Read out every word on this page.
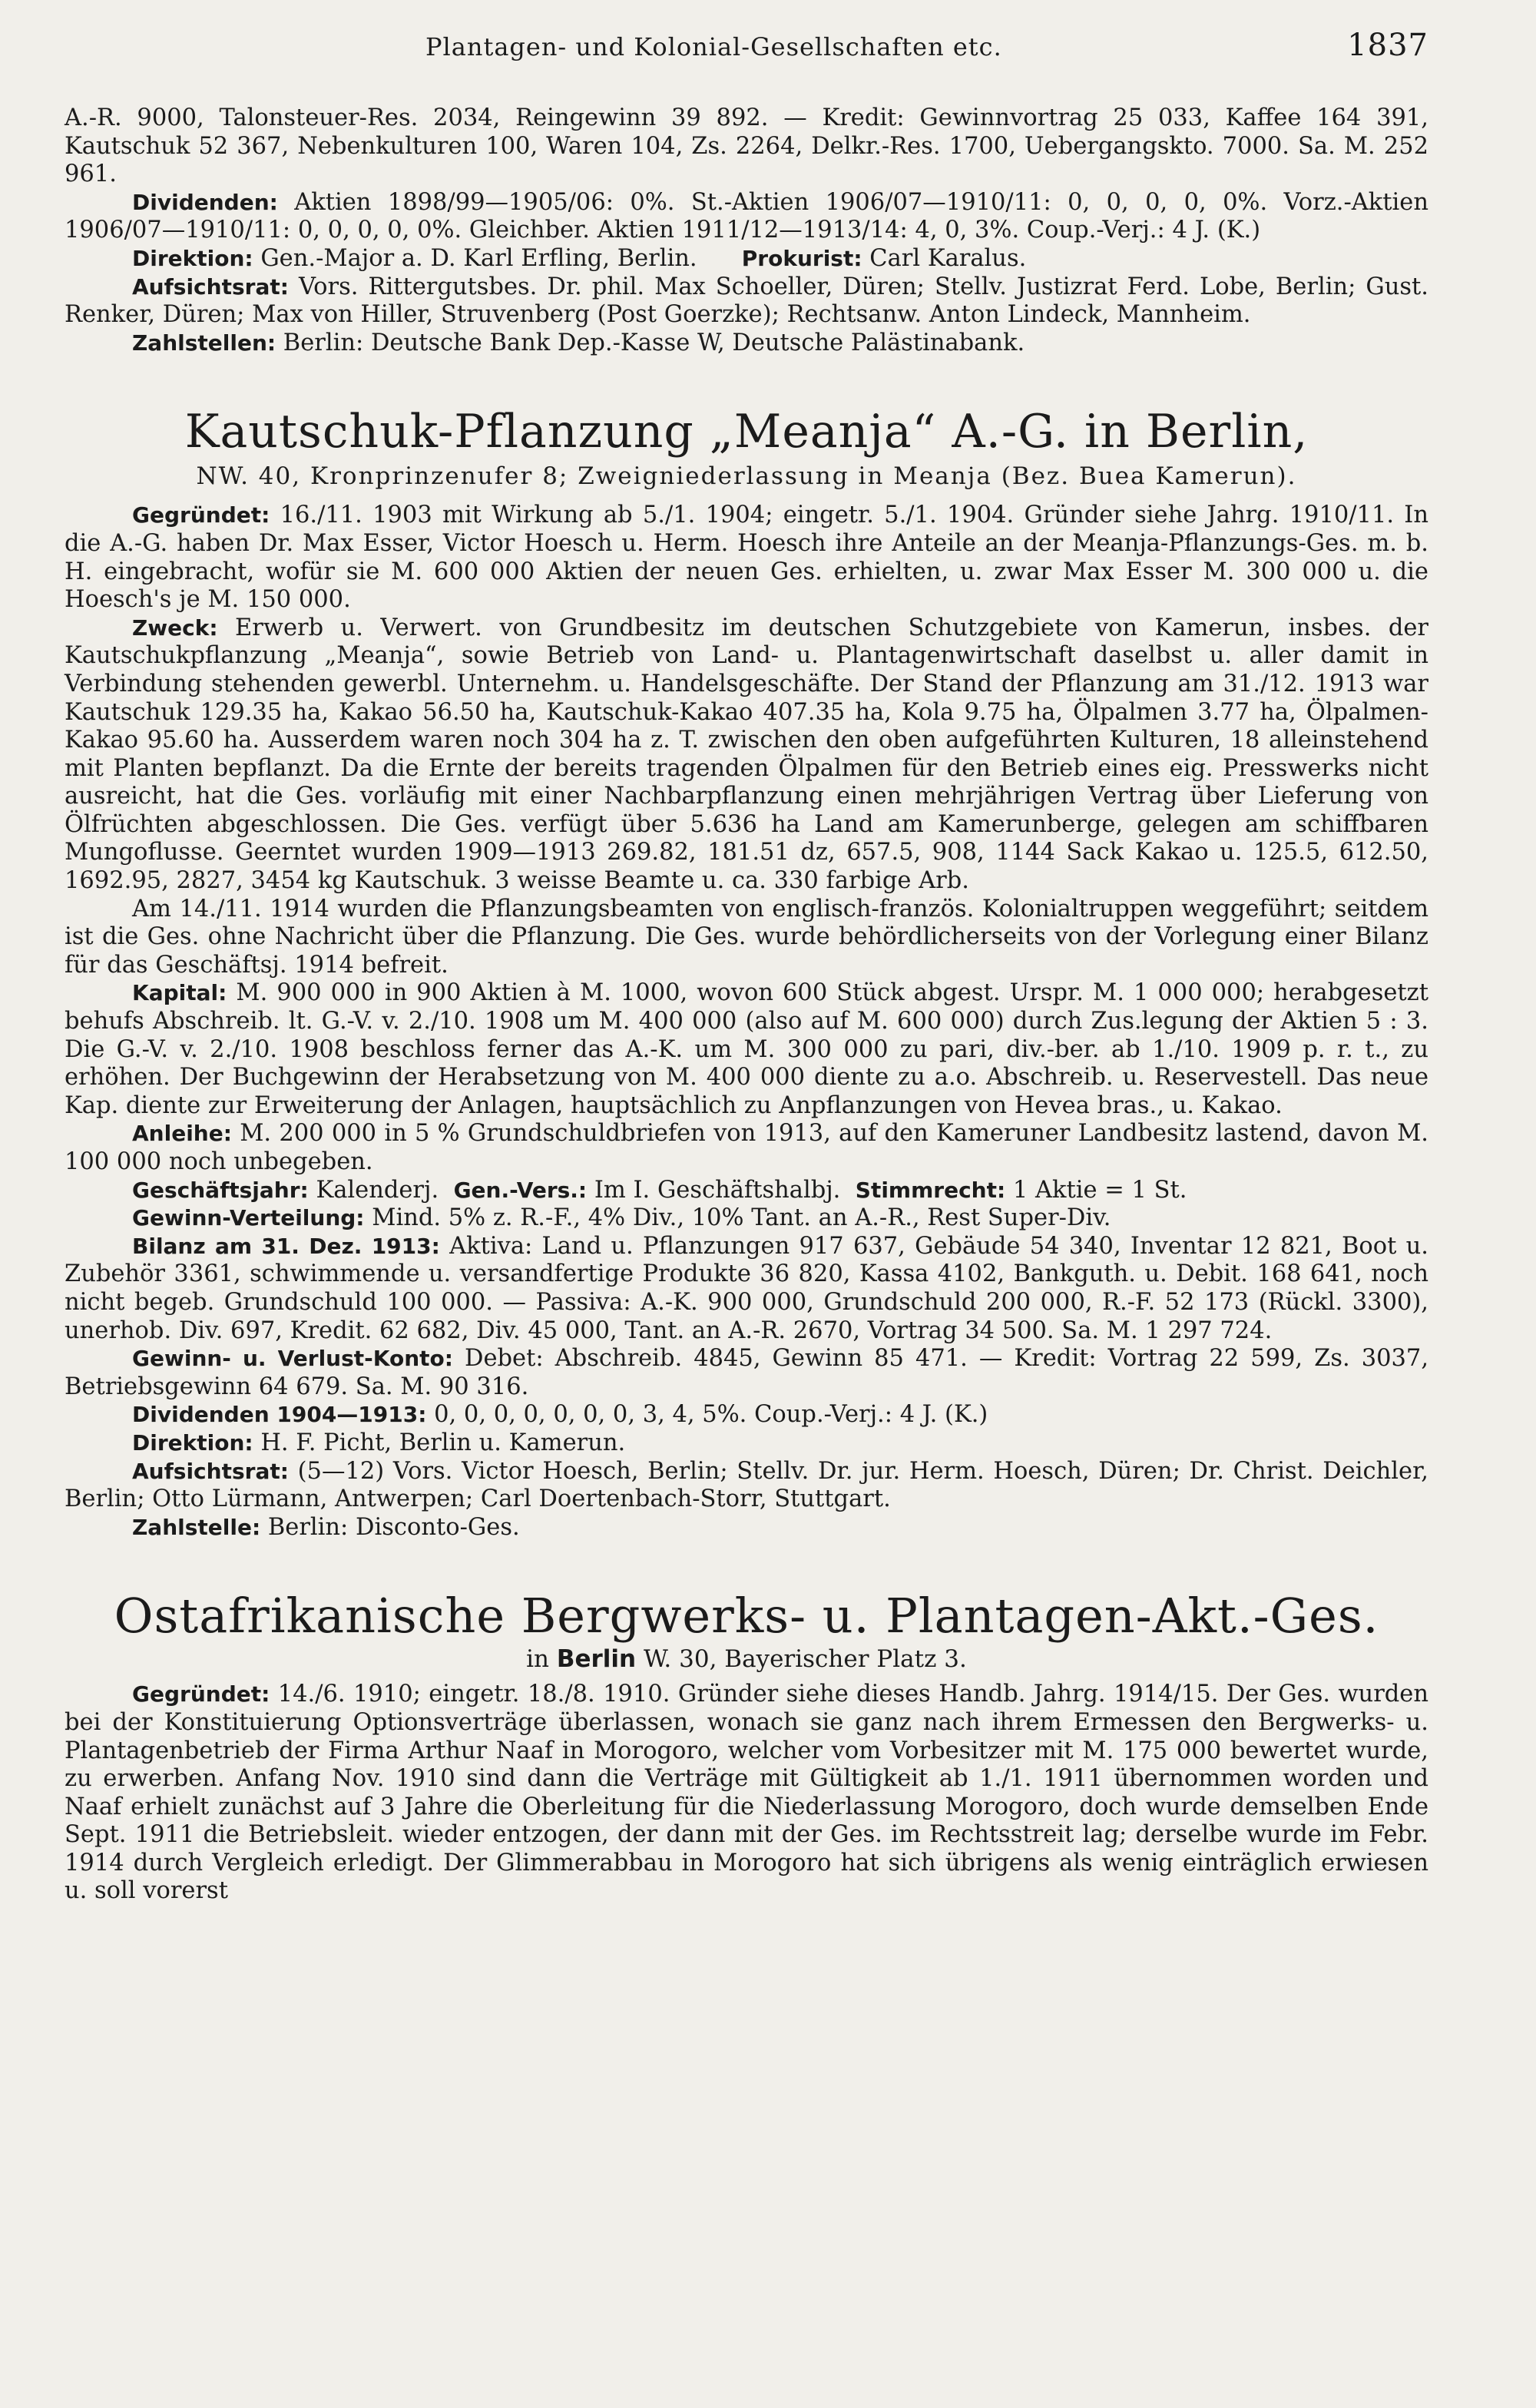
Plantagen- und Kolonial-Gesellschaften etc.	1837

A.-R. 9000, Talonsteuer-Res. 2034, Reingewinn 39 892. — Kredit: Gewinnvortrag 25 033, Kaffee 164 391, Kautschuk 52 367, Nebenkulturen 100, Waren 104, Zs. 2264, Delkr.-Res. 1700, Uebergangskto. 7000. Sa. M. 252 961.

Dividenden: Aktien 1898/99—1905/06: 0%. St.-Aktien 1906/07—1910/11: 0, 0, 0, 0, 0%. Vorz.-Aktien 1906/07—1910/11: 0, 0, 0, 0, 0%. Gleichber. Aktien 1911/12—1913/14: 4, 0, 3%. Coup.-Verj.: 4 J. (K.)

Direktion: Gen.-Major a. D. Karl Erfling, Berlin. Prokurist: Carl Karalus.

Aufsichtsrat: Vors. Rittergutsbes. Dr. phil. Max Schoeller, Düren; Stellv. Justizrat Ferd. Lobe, Berlin; Gust. Renker, Düren; Max von Hiller, Struvenberg (Post Goerzke); Rechtsanw. Anton Lindeck, Mannheim.

Zahlstellen: Berlin: Deutsche Bank Dep.-Kasse W, Deutsche Palästinabank.

Kautschuk-Pflanzung „Meanja“ A.-G. in Berlin,
NW. 40, Kronprinzenufer 8; Zweigniederlassung in Meanja (Bez. Buea Kamerun).

Gegründet: 16./11. 1903 mit Wirkung ab 5./1. 1904; eingetr. 5./1. 1904. Gründer siehe Jahrg. 1910/11. In die A.-G. haben Dr. Max Esser, Victor Hoesch u. Herm. Hoesch ihre Anteile an der Meanja-Pflanzungs-Ges. m. b. H. eingebracht, wofür sie M. 600 000 Aktien der neuen Ges. erhielten, u. zwar Max Esser M. 300 000 u. die Hoesch's je M. 150 000.

Zweck: Erwerb u. Verwert. von Grundbesitz im deutschen Schutzgebiete von Kamerun, insbes. der Kautschukpflanzung „Meanja“, sowie Betrieb von Land- u. Plantagenwirtschaft daselbst u. aller damit in Verbindung stehenden gewerbl. Unternehm. u. Handelsgeschäfte. Der Stand der Pflanzung am 31./12. 1913 war Kautschuk 129.35 ha, Kakao 56.50 ha, Kautschuk-Kakao 407.35 ha, Kola 9.75 ha, Ölpalmen 3.77 ha, Ölpalmen-Kakao 95.60 ha. Ausserdem waren noch 304 ha z. T. zwischen den oben aufgeführten Kulturen, 18 alleinstehend mit Planten bepflanzt. Da die Ernte der bereits tragenden Ölpalmen für den Betrieb eines eig. Presswerks nicht ausreicht, hat die Ges. vorläufig mit einer Nachbarpflanzung einen mehrjährigen Vertrag über Lieferung von Ölfrüchten abgeschlossen. Die Ges. verfügt über 5.636 ha Land am Kamerunberge, gelegen am schiffbaren Mungoflusse. Geerntet wurden 1909—1913 269.82, 181.51 dz, 657.5, 908, 1144 Sack Kakao u. 125.5, 612.50, 1692.95, 2827, 3454 kg Kautschuk. 3 weisse Beamte u. ca. 330 farbige Arb.

Am 14./11. 1914 wurden die Pflanzungsbeamten von englisch-französ. Kolonialtruppen weggeführt; seitdem ist die Ges. ohne Nachricht über die Pflanzung. Die Ges. wurde behördlicherseits von der Vorlegung einer Bilanz für das Geschäftsj. 1914 befreit.

Kapital: M. 900 000 in 900 Aktien à M. 1000, wovon 600 Stück abgest. Urspr. M. 1 000 000; herabgesetzt behufs Abschreib. lt. G.-V. v. 2./10. 1908 um M. 400 000 (also auf M. 600 000) durch Zus.legung der Aktien 5 : 3. Die G.-V. v. 2./10. 1908 beschloss ferner das A.-K. um M. 300 000 zu pari, div.-ber. ab 1./10. 1909 p. r. t., zu erhöhen. Der Buchgewinn der Herabsetzung von M. 400 000 diente zu a.o. Abschreib. u. Reservestell. Das neue Kap. diente zur Erweiterung der Anlagen, hauptsächlich zu Anpflanzungen von Hevea bras., u. Kakao.

Anleihe: M. 200 000 in 5 % Grundschuldbriefen von 1913, auf den Kameruner Landbesitz lastend, davon M. 100 000 noch unbegeben.

Geschäftsjahr: Kalenderj. Gen.-Vers.: Im I. Geschäftshalbj. Stimmrecht: 1 Aktie = 1 St.

Gewinn-Verteilung: Mind. 5% z. R.-F., 4% Div., 10% Tant. an A.-R., Rest Super-Div.

Bilanz am 31. Dez. 1913: Aktiva: Land u. Pflanzungen 917 637, Gebäude 54 340, Inventar 12 821, Boot u. Zubehör 3361, schwimmende u. versandfertige Produkte 36 820, Kassa 4102, Bankguth. u. Debit. 168 641, noch nicht begeb. Grundschuld 100 000. — Passiva: A.-K. 900 000, Grundschuld 200 000, R.-F. 52 173 (Rückl. 3300), unerhob. Div. 697, Kredit. 62 682, Div. 45 000, Tant. an A.-R. 2670, Vortrag 34 500. Sa. M. 1 297 724.

Gewinn- u. Verlust-Konto: Debet: Abschreib. 4845, Gewinn 85 471. — Kredit: Vortrag 22 599, Zs. 3037, Betriebsgewinn 64 679. Sa. M. 90 316.

Dividenden 1904—1913: 0, 0, 0, 0, 0, 0, 0, 3, 4, 5%. Coup.-Verj.: 4 J. (K.)

Direktion: H. F. Picht, Berlin u. Kamerun.

Aufsichtsrat: (5—12) Vors. Victor Hoesch, Berlin; Stellv. Dr. jur. Herm. Hoesch, Düren; Dr. Christ. Deichler, Berlin; Otto Lürmann, Antwerpen; Carl Doertenbach-Storr, Stuttgart.

Zahlstelle: Berlin: Disconto-Ges.

Ostafrikanische Bergwerks- u. Plantagen-Akt.-Ges.
in Berlin W. 30, Bayerischer Platz 3.

Gegründet: 14./6. 1910; eingetr. 18./8. 1910. Gründer siehe dieses Handb. Jahrg. 1914/15. Der Ges. wurden bei der Konstituierung Optionsverträge überlassen, wonach sie ganz nach ihrem Ermessen den Bergwerks- u. Plantagenbetrieb der Firma Arthur Naaf in Morogoro, welcher vom Vorbesitzer mit M. 175 000 bewertet wurde, zu erwerben. Anfang Nov. 1910 sind dann die Verträge mit Gültigkeit ab 1./1. 1911 übernommen worden und Naaf erhielt zunächst auf 3 Jahre die Oberleitung für die Niederlassung Morogoro, doch wurde demselben Ende Sept. 1911 die Betriebsleit. wieder entzogen, der dann mit der Ges. im Rechtsstreit lag; derselbe wurde im Febr. 1914 durch Vergleich erledigt. Der Glimmerabbau in Morogoro hat sich übrigens als wenig einträglich erwiesen u. soll vorerst
